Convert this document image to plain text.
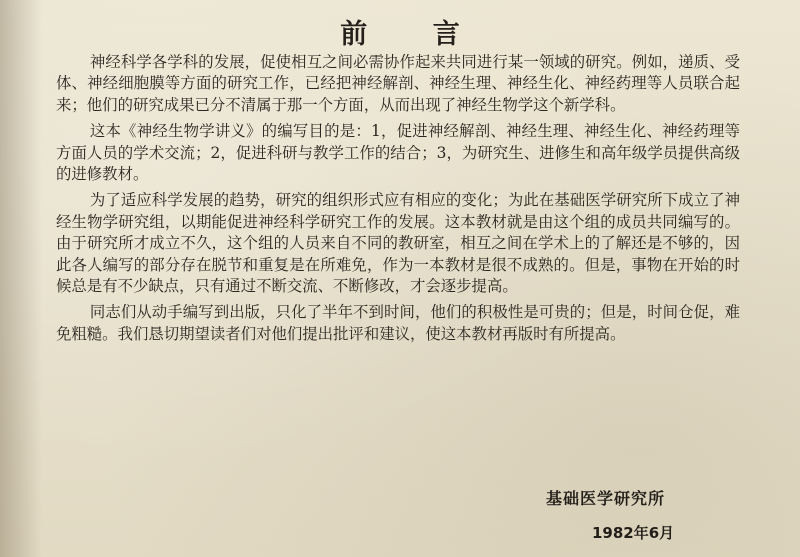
前 言

神经科学各学科的发展，促使相互之间必需协作起来共同进行某一领域的研究。例如，递质、受体、神经细胞膜等方面的研究工作，已经把神经解剖、神经生理、神经生化、神经药理等人员联合起来；他们的研究成果已分不清属于那一个方面，从而出现了神经生物学这个新学科。

这本《神经生物学讲义》的编写目的是：1，促进神经解剖、神经生理、神经生化、神经药理等方面人员的学术交流；2，促进科研与教学工作的结合；3，为研究生、进修生和高年级学员提供高级的进修教材。

为了适应科学发展的趋势，研究的组织形式应有相应的变化；为此在基础医学研究所下成立了神经生物学研究组，以期能促进神经科学研究工作的发展。这本教材就是由这个组的成员共同编写的。由于研究所才成立不久，这个组的人员来自不同的教研室，相互之间在学术上的了解还是不够的，因此各人编写的部分存在脱节和重复是在所难免，作为一本教材是很不成熟的。但是，事物在开始的时候总是有不少缺点，只有通过不断交流、不断修改，才会逐步提高。

同志们从动手编写到出版，只化了半年不到时间，他们的积极性是可贵的；但是，时间仓促，难免粗糙。我们恳切期望读者们对他们提出批评和建议，使这本教材再版时有所提高。

基础医学研究所
1982年6月
